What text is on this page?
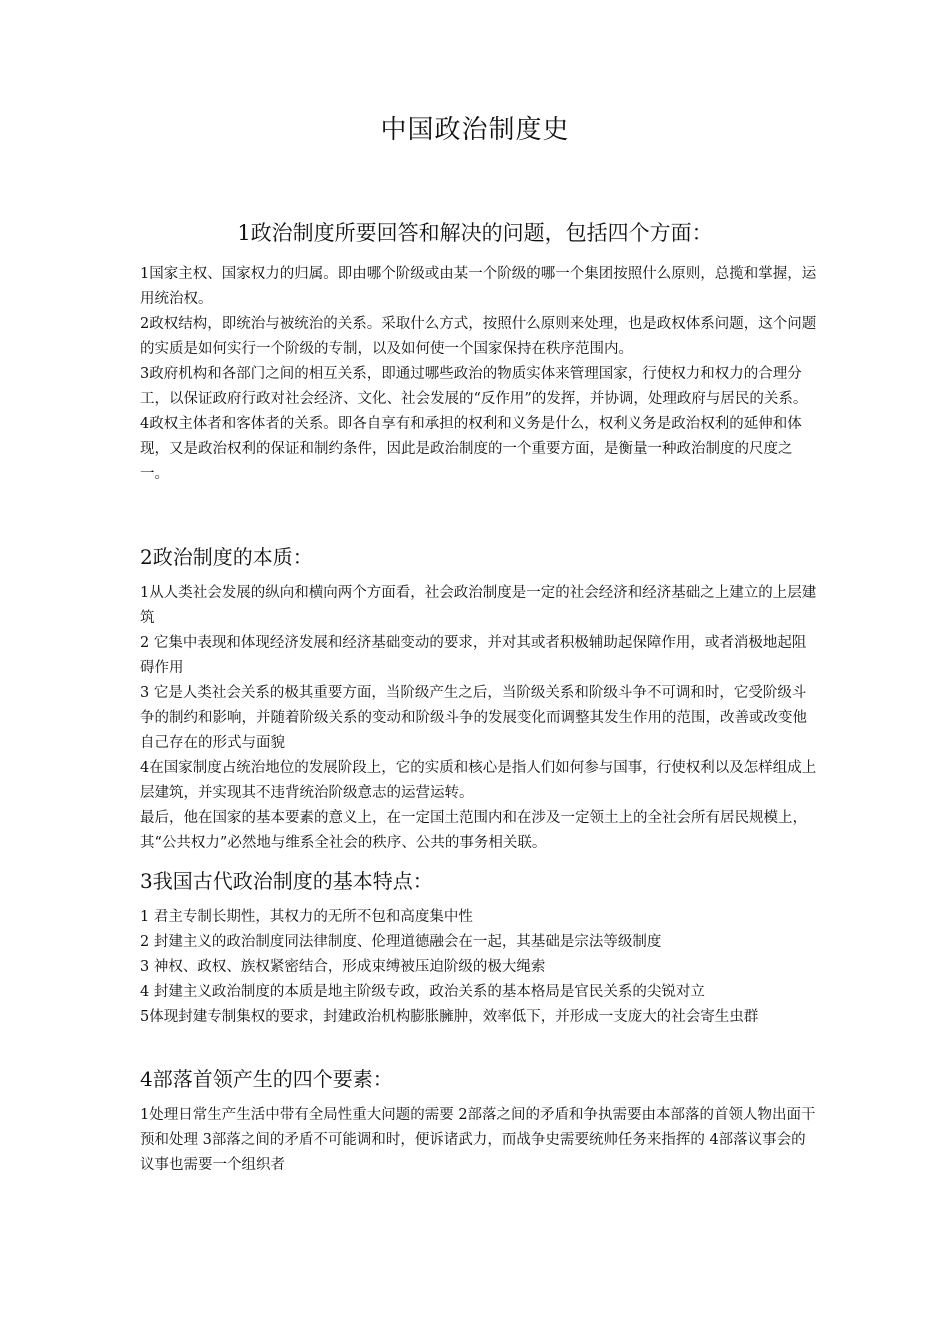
中国政治制度史
1政治制度所要回答和解决的问题，包括四个方面：

1国家主权、国家权力的归属。即由哪个阶级或由某一个阶级的哪一个集团按照什么原则，总揽和掌握，运用统治权。

2政权结构，即统治与被统治的关系。采取什么方式，按照什么原则来处理，也是政权体系问题，这个问题的实质是如何实行一个阶级的专制，以及如何使一个国家保持在秩序范围内。

3政府机构和各部门之间的相互关系，即通过哪些政治的物质实体来管理国家，行使权力和权力的合理分工，以保证政府行政对社会经济、文化、社会发展的“反作用”的发挥，并协调，处理政府与居民的关系。

4政权主体者和客体者的关系。即各自享有和承担的权利和义务是什么，权利义务是政治权利的延伸和体现，又是政治权利的保证和制约条件，因此是政治制度的一个重要方面，是衡量一种政治制度的尺度之一。

2政治制度的本质：

1从人类社会发展的纵向和横向两个方面看，社会政治制度是一定的社会经济和经济基础之上建立的上层建筑

2 它集中表现和体现经济发展和经济基础变动的要求，并对其或者积极辅助起保障作用，或者消极地起阻碍作用

3 它是人类社会关系的极其重要方面，当阶级产生之后，当阶级关系和阶级斗争不可调和时，它受阶级斗争的制约和影响，并随着阶级关系的变动和阶级斗争的发展变化而调整其发生作用的范围，改善或改变他自己存在的形式与面貌

4在国家制度占统治地位的发展阶段上，它的实质和核心是指人们如何参与国事，行使权利以及怎样组成上层建筑，并实现其不违背统治阶级意志的运营运转。

最后，他在国家的基本要素的意义上，在一定国土范围内和在涉及一定领土上的全社会所有居民规模上，其“公共权力”必然地与维系全社会的秩序、公共的事务相关联。

3我国古代政治制度的基本特点：

1 君主专制长期性，其权力的无所不包和高度集中性

2 封建主义的政治制度同法律制度、伦理道德融会在一起，其基础是宗法等级制度

3 神权、政权、族权紧密结合，形成束缚被压迫阶级的极大绳索

4 封建主义政治制度的本质是地主阶级专政，政治关系的基本格局是官民关系的尖锐对立

5体现封建专制集权的要求，封建政治机构膨胀臃肿，效率低下，并形成一支庞大的社会寄生虫群

4部落首领产生的四个要素：

1处理日常生产生活中带有全局性重大问题的需要 2部落之间的矛盾和争执需要由本部落的首领人物出面干预和处理 3部落之间的矛盾不可能调和时，便诉诸武力，而战争史需要统帅任务来指挥的 4部落议事会的议事也需要一个组织者
